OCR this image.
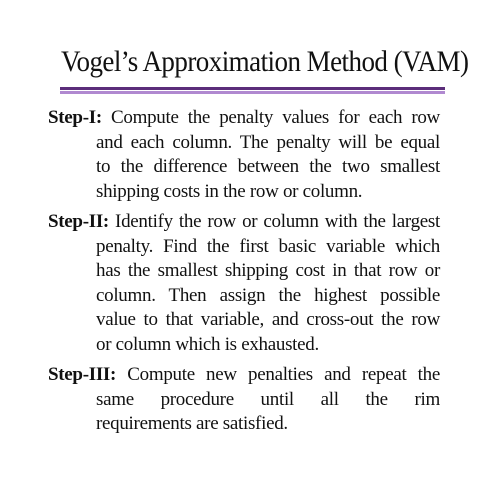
Vogel’s Approximation Method (VAM)
Step-I: Compute the penalty values for each row
and each column. The penalty will be equal
to the difference between the two smallest
shipping costs in the row or column.
Step-II: Identify the row or column with the largest
penalty. Find the first basic variable which
has the smallest shipping cost in that row or
column. Then assign the highest possible
value to that variable, and cross-out the row
or column which is exhausted.
Step-III: Compute new penalties and repeat the
same procedure until all the rim
requirements are satisfied.
